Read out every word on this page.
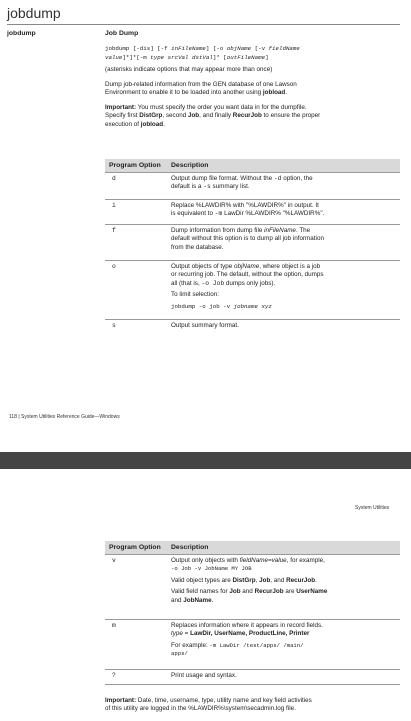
jobdump
jobdump	Job Dump
jobdump [-dis] [-f inFileName] [-o objName [-v fieldName
value]*]*[-m type srcVal dstVal]* [outFileName]
(asterisks indicate options that may appear more than once)
Dump job-related information from the GEN database of one Lawson
Environment to enable it to be loaded into another using jobload.
Important: You must specify the order you want data in for the dumpfile.
Specify first DistGrp, second Job, and finally RecurJob to ensure the proper
execution of jobload.
Program Option	Description
d	Output dump file format. Without the -d option, the
default is a -s summary list.
i	Replace %LAWDIR% with "%LAWDIR%" in output. It
is equivalent to -m LawDir %LAWDIR% "%LAWDIR%".
f	Dump information from dump file inFileName. The
default without this option is to dump all job information
from the database.
o	Output objects of type objName, where object is a job
or recurring job. The default, without the option, dumps
all (that is, -o Job dumps only jobs).
To limit selection:
jobdump -o job -v jobname xyz
s	Output summary format.
118 | System Utilities Reference Guide—Windows
System Utilities
Program Option	Description
v	Output only objects with fieldName=value, for example,
-o Job -v JobName MY JOB
Valid object types are DistGrp, Job, and RecurJob.
Valid field names for Job and RecurJob are UserName
and JobName.
m	Replaces information where it appears in record fields.
type = LawDir, UserName, ProductLine, Printer
For example: -m LawDir /test/apps/ /main/
apps/
?	Print usage and syntax.
Important: Date, time, username, type, utility name and key field activities
of this utility are logged in the %LAWDIR%\system\secadmin.log file.
